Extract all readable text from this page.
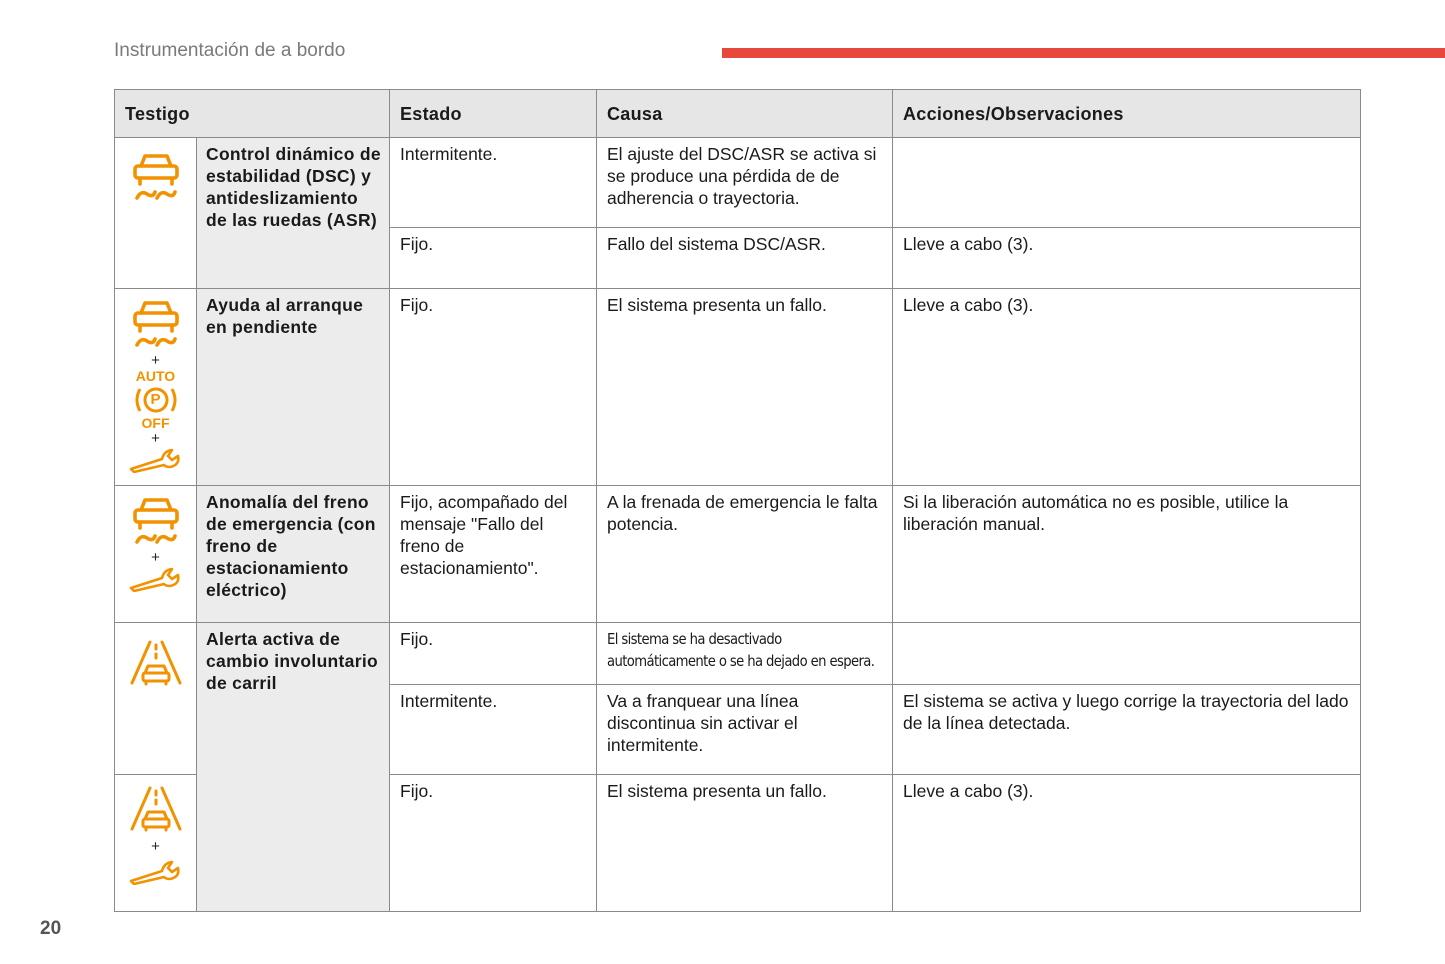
Instrumentación de a bordo
Testigo		Estado	Causa	Acciones/Observaciones

	Control dinámico de estabilidad (DSC) y antideslizamiento de las ruedas (ASR)	Intermitente.	El ajuste del DSC/ASR se activa si se produce una pérdida de de adherencia o trayectoria.	
		Fijo.	Fallo del sistema DSC/ASR.	Lleve a cabo (3).

+
AUTO
P
OFF
+	Ayuda al arranque en pendiente	Fijo.	El sistema presenta un fallo.	Lleve a cabo (3).

+	Anomalía del freno de emergencia (con freno de estacionamiento eléctrico)	Fijo, acompañado del mensaje "Fallo del freno de estacionamiento".	A la frenada de emergencia le falta potencia.	Si la liberación automática no es posible, utilice la liberación manual.

	Alerta activa de cambio involuntario de carril	Fijo.	El sistema se ha desactivado automáticamente o se ha dejado en espera.	
		Intermitente.	Va a franquear una línea discontinua sin activar el intermitente.	El sistema se activa y luego corrige la trayectoria del lado de la línea detectada.

+		Fijo.	El sistema presenta un fallo.	Lleve a cabo (3).
20
